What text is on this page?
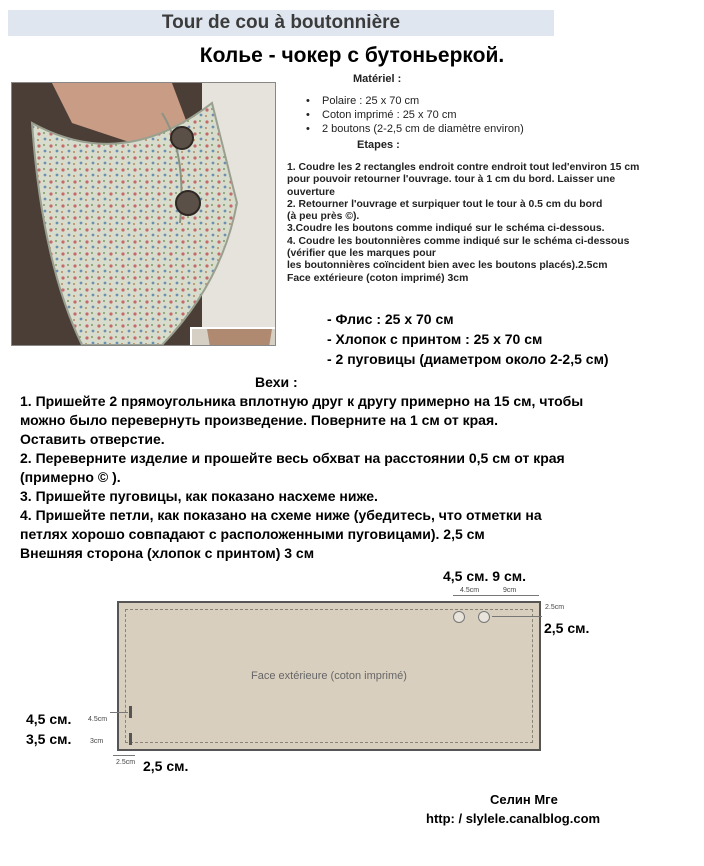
Tour de cou à boutonnière
Колье - чокер с бутоньеркой.
Matériel :
• Polaire : 25 x 70 cm
• Coton imprimé : 25 x 70 cm
• 2 boutons (2-2,5 cm de diamètre environ)
Etapes :
1. Coudre les 2 rectangles endroit contre endroit tout led'environ 15 cm
pour pouvoir retourner l'ouvrage. tour à 1 cm du bord. Laisser une
ouverture
2. Retourner l'ouvrage et surpiquer tout le tour à 0.5 cm du bord
(à peu près ©).
3.Coudre les boutons comme indiqué sur le schéma ci-dessous.
4. Coudre les boutonnières comme indiqué sur le schéma ci-dessous
(vérifier que les marques pour
les boutonnières coïncident bien avec les boutons placés).2.5cm
Face extérieure (coton imprimé) 3cm
- Флис : 25 x 70 см
- Хлопок с принтом : 25 x 70 см
- 2 пуговицы (диаметром около 2-2,5 см)
Вехи :
1. Пришейте 2 прямоугольника вплотную друг к другу примерно на 15 см, чтобы
можно было перевернуть произведение. Поверните на 1 см от края.
Оставить отверстие.
2. Переверните изделие и прошейте весь обхват на расстоянии 0,5 см от края
(примерно © ).
3. Пришейте пуговицы, как показано насхеме ниже.
4. Пришейте петли, как показано на схеме ниже (убедитесь, что отметки на
петлях хорошо совпадают с расположенными пуговицами). 2,5 см
Внешняя сторона (хлопок с принтом) 3 см
4,5 см. 9 см.
Face extérieure (coton imprimé)
4.5cm	9cm
2.5cm
2,5 см.
4.5cm
3cm
4,5 см.
3,5 см.
2.5cm 2,5 см.
Селин Мге
http: / slylele.canalblog.com
